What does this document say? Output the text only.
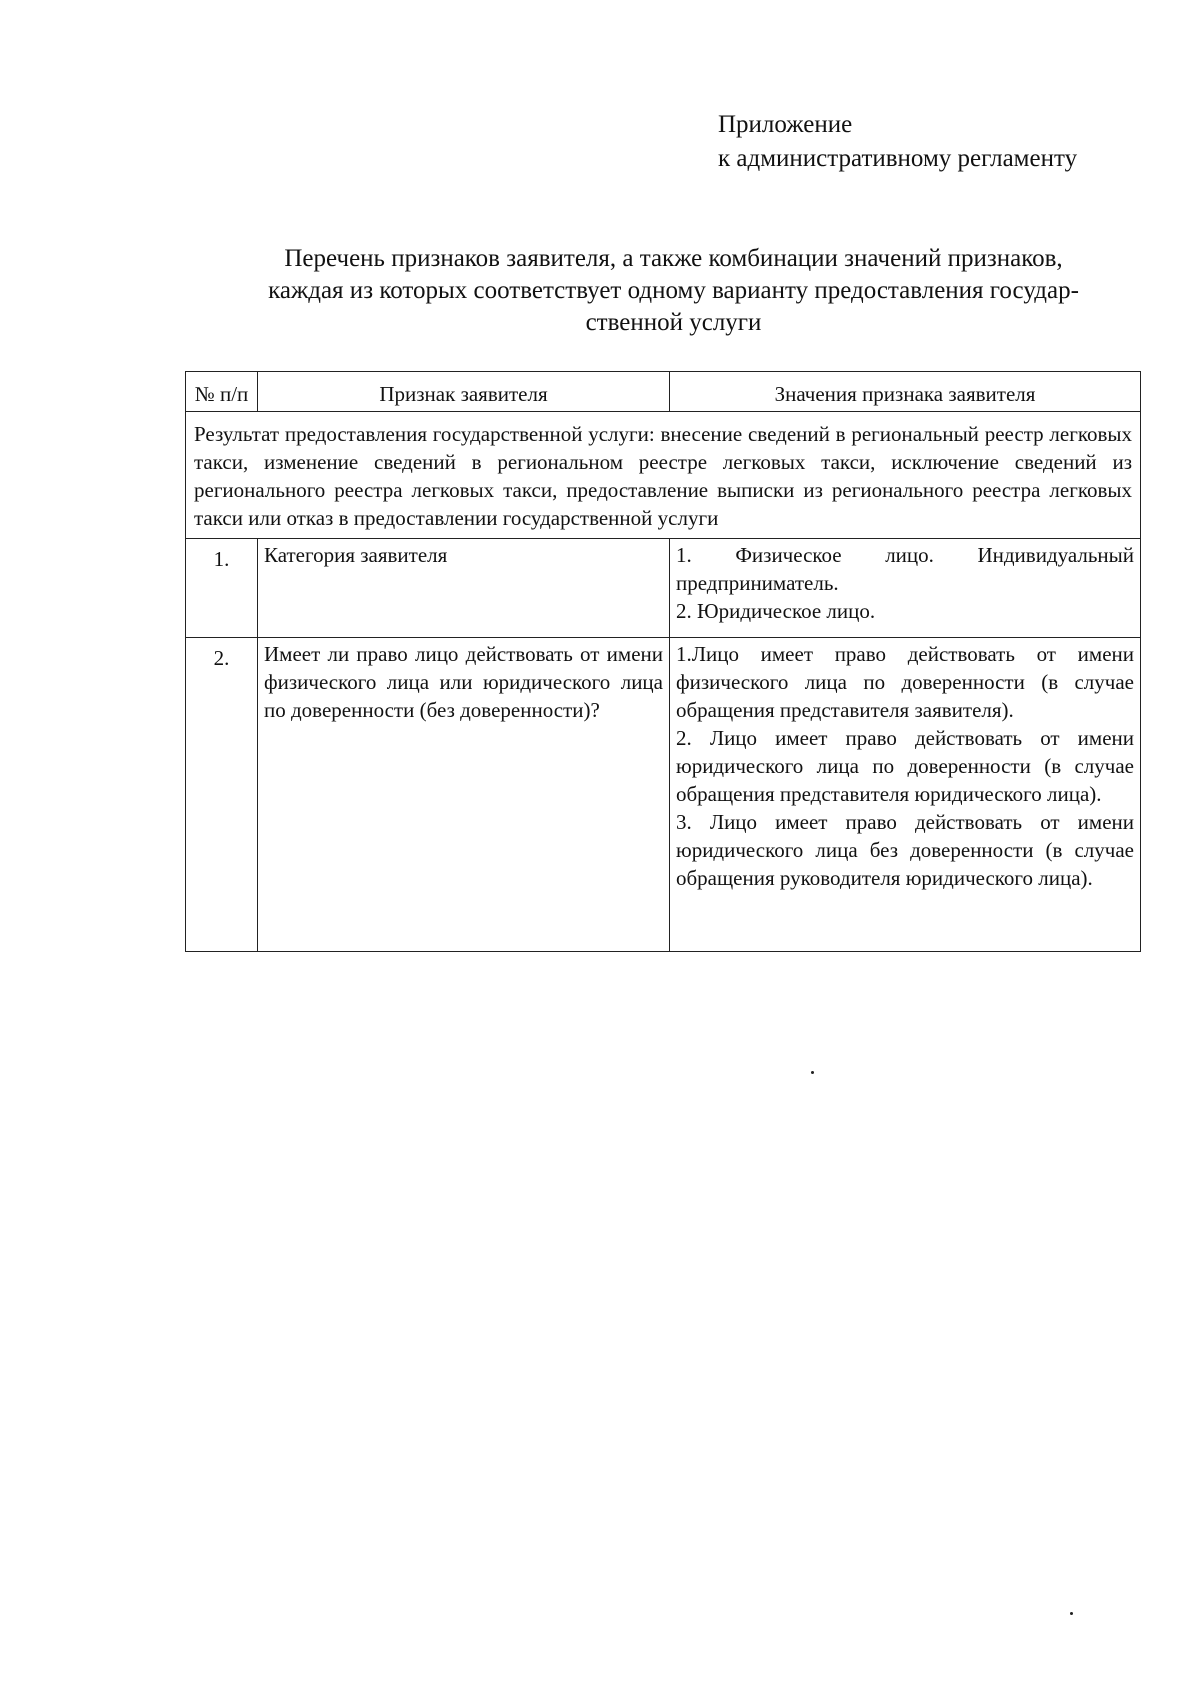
Приложение
к административному регламенту
Перечень признаков заявителя, а также комбинации значений признаков,
каждая из которых соответствует одному варианту предоставления государ-
ственной услуги
№ п/п	Признак заявителя	Значения признака заявителя
Результат предоставления государственной услуги: внесение сведений в региональный реестр легковых такси, изменение сведений в региональном реестре легковых такси, исключение сведений из регионального реестра легковых такси, предоставление выписки из регионального реестра легковых такси или отказ в предоставлении государственной услуги		
1.	Категория заявителя	1. Физическое лицо. Индивидуальный предприниматель.
2. Юридическое лицо.

2.	Имеет ли право лицо действовать от имени физического лица или юридического лица по доверенности (без доверенности)?	1.Лицо имеет право действовать от имени физического лица по доверенности (в случае обращения представителя заявителя).
2. Лицо имеет право действовать от имени юридического лица по доверенности (в случае обращения представителя юридического лица).
3. Лицо имеет право действовать от имени юридического лица без доверенности (в случае обращения руководителя юридического лица).
